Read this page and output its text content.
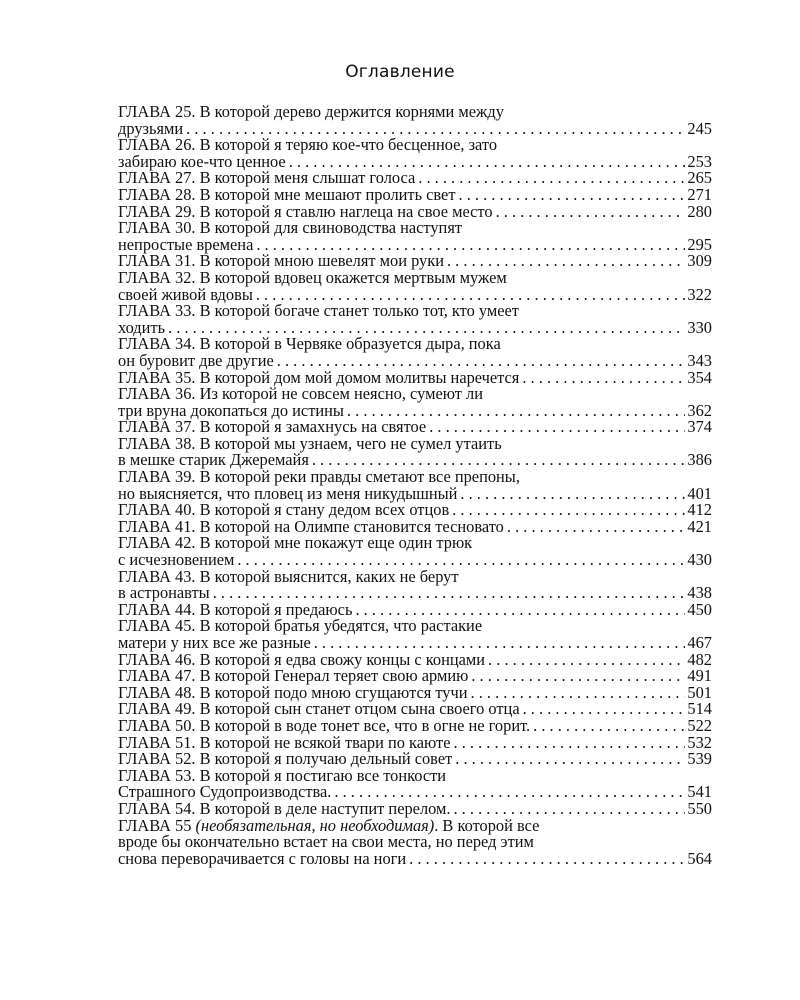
Оглавление
ГЛАВА 25. В которой дерево держится корнями между
друзьями . . .	245
ГЛАВА 26. В которой я теряю кое-что бесценное, зато
забираю кое-что ценное . . .	253
ГЛАВА 27. В которой меня слышат голоса . . .	265
ГЛАВА 28. В которой мне мешают пролить свет . . .	271
ГЛАВА 29. В которой я ставлю наглеца на свое место . . .	280
ГЛАВА 30. В которой для свиноводства наступят
непростые времена . . .	295
ГЛАВА 31. В которой мною шевелят мои руки . . .	309
ГЛАВА 32. В которой вдовец окажется мертвым мужем
своей живой вдовы . . .	322
ГЛАВА 33. В которой богаче станет только тот, кто умеет
ходить . . .	330
ГЛАВА 34. В которой в Червяке образуется дыра, пока
он буровит две другие . . .	343
ГЛАВА 35. В которой дом мой домом молитвы наречется . . .	354
ГЛАВА 36. Из которой не совсем неясно, сумеют ли
три вруна докопаться до истины . . .	362
ГЛАВА 37. В которой я замахнусь на святое . . .	374
ГЛАВА 38. В которой мы узнаем, чего не сумел утаить
в мешке старик Джеремайя . . .	386
ГЛАВА 39. В которой реки правды сметают все препоны,
но выясняется, что пловец из меня никудышный . . .	401
ГЛАВА 40. В которой я стану дедом всех отцов . . .	412
ГЛАВА 41. В которой на Олимпе становится тесновато . . .	421
ГЛАВА 42. В которой мне покажут еще один трюк
с исчезновением . . .	430
ГЛАВА 43. В которой выяснится, каких не берут
в астронавты . . .	438
ГЛАВА 44. В которой я предаюсь . . .	450
ГЛАВА 45. В которой братья убедятся, что растакие
матери у них все же разные . . .	467
ГЛАВА 46. В которой я едва свожу концы с концами . . .	482
ГЛАВА 47. В которой Генерал теряет свою армию . . .	491
ГЛАВА 48. В которой подо мною сгущаются тучи . . .	501
ГЛАВА 49. В которой сын станет отцом сына своего отца . . .	514
ГЛАВА 50. В которой в воде тонет все, что в огне не горит. . . .	522
ГЛАВА 51. В которой не всякой твари по каюте . . .	532
ГЛАВА 52. В которой я получаю дельный совет . . .	539
ГЛАВА 53. В которой я постигаю все тонкости
Страшного Судопроизводства. . . .	541
ГЛАВА 54. В которой в деле наступит перелом. . . .	550
ГЛАВА 55 (необязательная, но необходимая). В которой все
вроде бы окончательно встает на свои места, но перед этим
снова переворачивается с головы на ноги . . .	564
